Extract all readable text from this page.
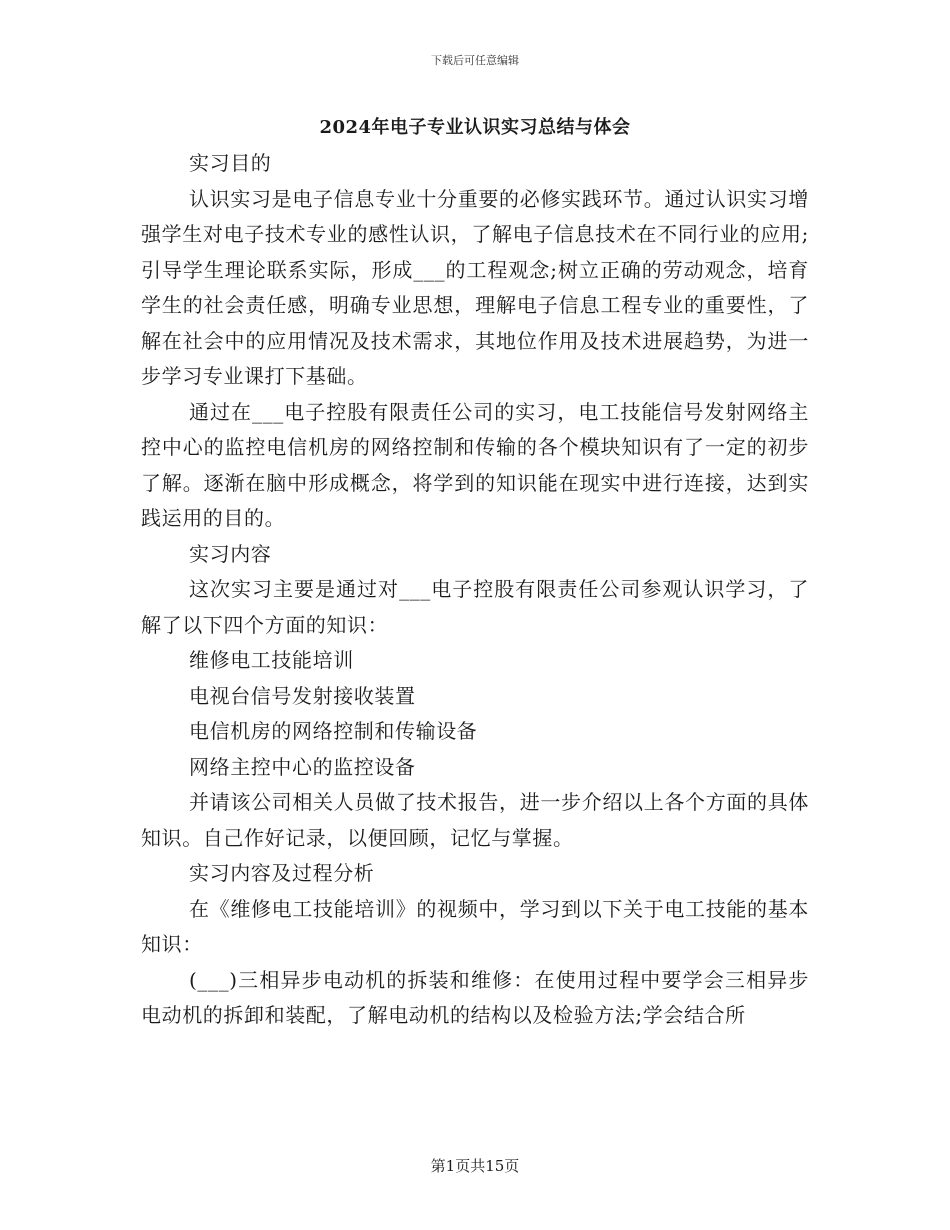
下载后可任意编辑
2024年电子专业认识实习总结与体会

实习目的

认识实习是电子信息专业十分重要的必修实践环节。通过认识实习增强学生对电子技术专业的感性认识，了解电子信息技术在不同行业的应用;引导学生理论联系实际，形成___的工程观念;树立正确的劳动观念，培育学生的社会责任感，明确专业思想，理解电子信息工程专业的重要性，了解在社会中的应用情况及技术需求，其地位作用及技术进展趋势，为进一步学习专业课打下基础。

通过在___电子控股有限责任公司的实习，电工技能信号发射网络主控中心的监控电信机房的网络控制和传输的各个模块知识有了一定的初步了解。逐渐在脑中形成概念，将学到的知识能在现实中进行连接，达到实践运用的目的。

实习内容

这次实习主要是通过对___电子控股有限责任公司参观认识学习，了解了以下四个方面的知识：

维修电工技能培训

电视台信号发射接收装置

电信机房的网络控制和传输设备

网络主控中心的监控设备

并请该公司相关人员做了技术报告，进一步介绍以上各个方面的具体知识。自己作好记录，以便回顾，记忆与掌握。

实习内容及过程分析

在《维修电工技能培训》的视频中，学习到以下关于电工技能的基本知识：

(___)三相异步电动机的拆装和维修：在使用过程中要学会三相异步电动机的拆卸和装配，了解电动机的结构以及检验方法;学会结合所

第1页共15页
